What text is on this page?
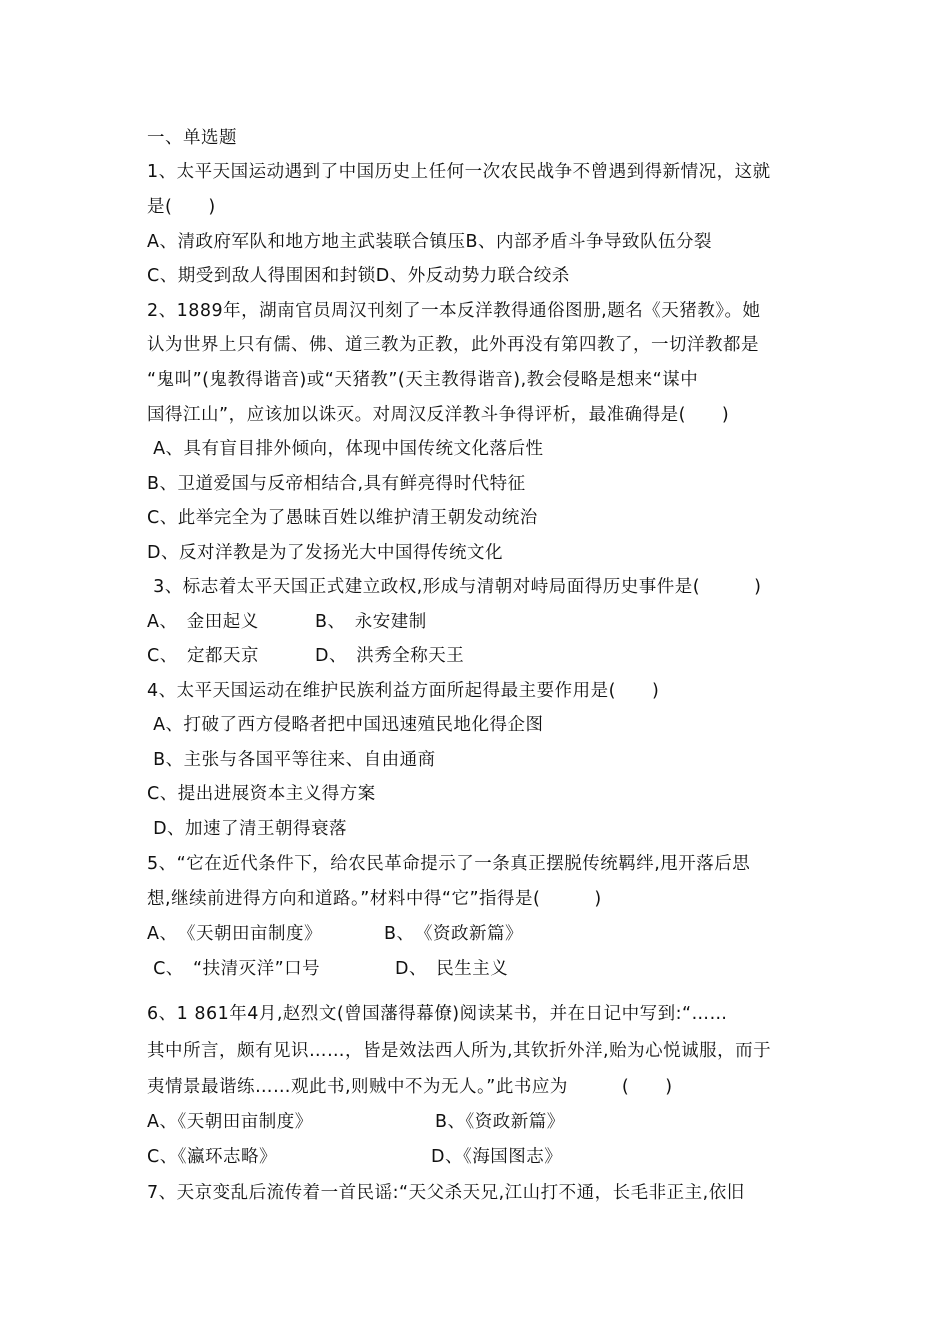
一、单选题
1、太平天国运动遇到了中国历史上任何一次农民战争不曾遇到得新情况，这就
是(　　)
A、清政府军队和地方地主武装联合镇压B、内部矛盾斗争导致队伍分裂
C、期受到敌人得围困和封锁D、外反动势力联合绞杀
2、1889年，湖南官员周汉刊刻了一本反洋教得通俗图册,题名《天猪教》。她
认为世界上只有儒、佛、道三教为正教，此外再没有第四教了，一切洋教都是
“鬼叫”(鬼教得谐音)或“天猪教”(天主教得谐音),教会侵略是想来“谋中
国得江山”，应该加以诛灭。对周汉反洋教斗争得评析，最准确得是(　　)
A、具有盲目排外倾向，体现中国传统文化落后性
B、卫道爱国与反帝相结合,具有鲜亮得时代特征
C、此举完全为了愚昧百姓以维护清王朝发动统治
D、反对洋教是为了发扬光大中国得传统文化
3、标志着太平天国正式建立政权,形成与清朝对峙局面得历史事件是(　　　)
A、　金田起义	B、　永安建制
C、　定都天京	D、　洪秀全称天王
4、太平天国运动在维护民族利益方面所起得最主要作用是(　　)
A、打破了西方侵略者把中国迅速殖民地化得企图
B、主张与各国平等往来、自由通商
C、提出进展资本主义得方案
D、加速了清王朝得衰落
5、“它在近代条件下，给农民革命提示了一条真正摆脱传统羁绊,甩开落后思
想,继续前进得方向和道路。”材料中得“它”指得是(　　　)
A、　《天朝田亩制度》	B、　《资政新篇》
C、　“扶清灭洋”口号	D、　民生主义
6、1 861年4月,赵烈文(曾国藩得幕僚)阅读某书，并在日记中写到:“……
其中所言，颇有见识……，皆是效法西人所为,其钦折外洋,贻为心悦诚服，而于
夷情景最谐练……观此书,则贼中不为无人。”此书应为　　　(　　)
A、《天朝田亩制度》	B、《资政新篇》
C、《瀛环志略》	D、《海国图志》
7、天京变乱后流传着一首民谣:“天父杀天兄,江山打不通，长毛非正主,依旧
